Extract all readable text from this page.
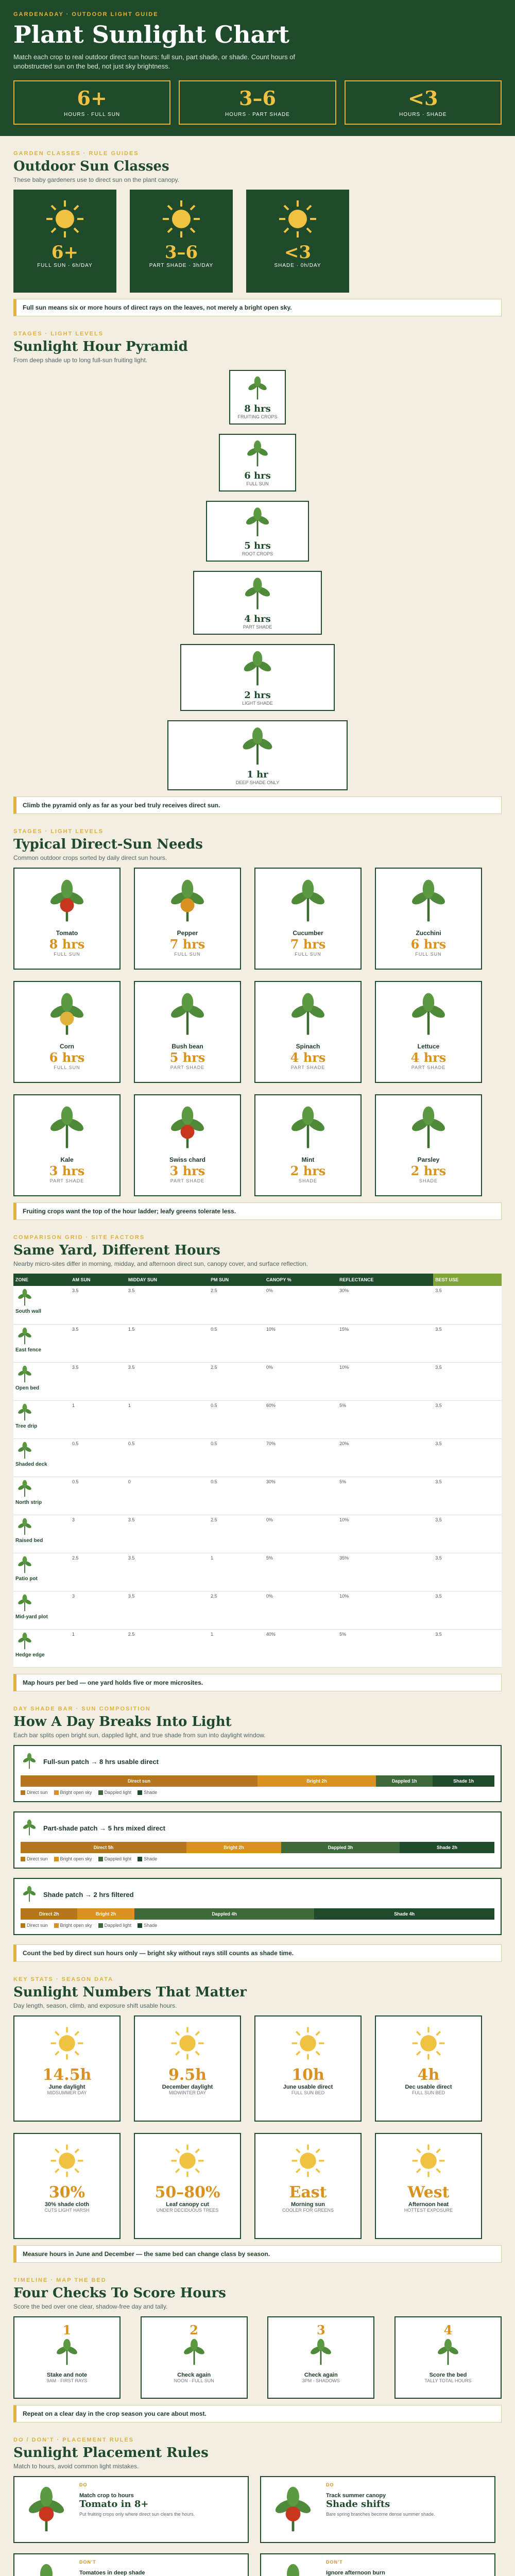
GARDENADAY · OUTDOOR LIGHT GUIDE
Plant Sunlight Chart

Match each crop to real outdoor direct sun hours: full sun, part shade, or shade. Count hours of unobstructed sun on the bed, not just sky brightness.

6+
HOURS · FULL SUN
3–6
HOURS · PART SHADE
<3
HOURS · SHADE
GARDEN CLASSES · RULE GUIDES
Outdoor Sun Classes
These baby gardeners use to direct sun on the plant canopy.
6+
FULL SUN · 6h/DAY
3–6
PART SHADE · 3h/DAY
<3
SHADE · 0h/DAY
Full sun means six or more hours of direct rays on the leaves, not merely a bright open sky.
STAGES · LIGHT LEVELS
Sunlight Hour Pyramid
From deep shade up to long full-sun fruiting light.
8 hrs
FRUITING CROPS
6 hrs
FULL SUN
5 hrs
ROOT CROPS
4 hrs
PART SHADE
2 hrs
LIGHT SHADE
1 hr
DEEP SHADE ONLY
Climb the pyramid only as far as your bed truly receives direct sun.
STAGES · LIGHT LEVELS
Typical Direct-Sun Needs
Common outdoor crops sorted by daily direct sun hours.
Tomato
8 hrs
FULL SUN
Pepper
7 hrs
FULL SUN
Cucumber
7 hrs
FULL SUN
Zucchini
6 hrs
FULL SUN
Corn
6 hrs
FULL SUN
Bush bean
5 hrs
PART SHADE
Spinach
4 hrs
PART SHADE
Lettuce
4 hrs
PART SHADE
Kale
3 hrs
PART SHADE
Swiss chard
3 hrs
PART SHADE
Mint
2 hrs
SHADE
Parsley
2 hrs
SHADE
Fruiting crops want the top of the hour ladder; leafy greens tolerate less.
COMPARISON GRID · SITE FACTORS
Same Yard, Different Hours
Nearby micro-sites differ in morning, midday, and afternoon direct sun, canopy cover, and surface reflection.
ZONE	AM SUN	MIDDAY SUN	PM SUN	CANOPY %	REFLECTANCE	BEST USE

South wall	3.5	3.5	2.5	0%	30%	3.5

East fence	3.5	1.5	0.5	10%	15%	3.5

Open bed	3.5	3.5	2.5	0%	10%	3.5

Tree drip	1	1	0.5	60%	5%	3.5

Shaded deck	0.5	0.5	0.5	70%	20%	3.5

North strip	0.5	0	0.5	30%	5%	3.5

Raised bed	3	3.5	2.5	0%	10%	3.5

Patio pot	2.5	3.5	1	5%	35%	3.5

Mid-yard plot	3	3.5	2.5	0%	10%	3.5

Hedge edge	1	2.5	1	40%	5%	3.5
Map hours per bed — one yard holds five or more microsites.
DAY SHADE BAR · SUN COMPOSITION
How A Day Breaks Into Light
Each bar splits open bright sun, dappled light, and true shade from sun into daylight window.
Full-sun patch → 8 hrs usable direct
Direct sun	Bright 2h	Dappled 1h	Shade 1h
Direct sun	Bright open sky	Dappled light	Shade
Part-shade patch → 5 hrs mixed direct
Direct 5h	Bright 2h	Dappled 3h	Shade 2h
Direct sun	Bright open sky	Dappled light	Shade
Shade patch → 2 hrs filtered
Direct 2h	Bright 2h	Dappled 4h	Shade 4h
Direct sun	Bright open sky	Dappled light	Shade
Count the bed by direct sun hours only — bright sky without rays still counts as shade time.
KEY STATS · SEASON DATA
Sunlight Numbers That Matter
Day length, season, climb, and exposure shift usable hours.
14.5h
June daylight
MIDSUMMER DAY
9.5h
December daylight
MIDWINTER DAY
10h
June usable direct
FULL SUN BED
4h
Dec usable direct
FULL SUN BED
30%
30% shade cloth
CUTS LIGHT HARSH
50–80%
Leaf canopy cut
UNDER DECIDUOUS TREES
East
Morning sun
COOLER FOR GREENS
West
Afternoon heat
HOTTEST EXPOSURE
Measure hours in June and December — the same bed can change class by season.
TIMELINE · MAP THE BED
Four Checks To Score Hours
Score the bed over one clear, shadow-free day and tally.
1
Stake and note
9AM · FIRST RAYS
2
Check again
NOON · FULL SUN
3
Check again
3PM · SHADOWS
4
Score the bed
TALLY TOTAL HOURS
Repeat on a clear day in the crop season you care about most.
DO / DON'T · PLACEMENT RULES
Sunlight Placement Rules
Match to hours, avoid common light mistakes.
DO
Match crop to hours
Tomato in 8+
Put fruiting crops only where direct sun clears the hours.
DO
Track summer canopy
Shade shifts
Bare spring branches become dense summer shade.
DON'T
Tomatoes in deep shade
DON'T
Ignore afternoon burn
